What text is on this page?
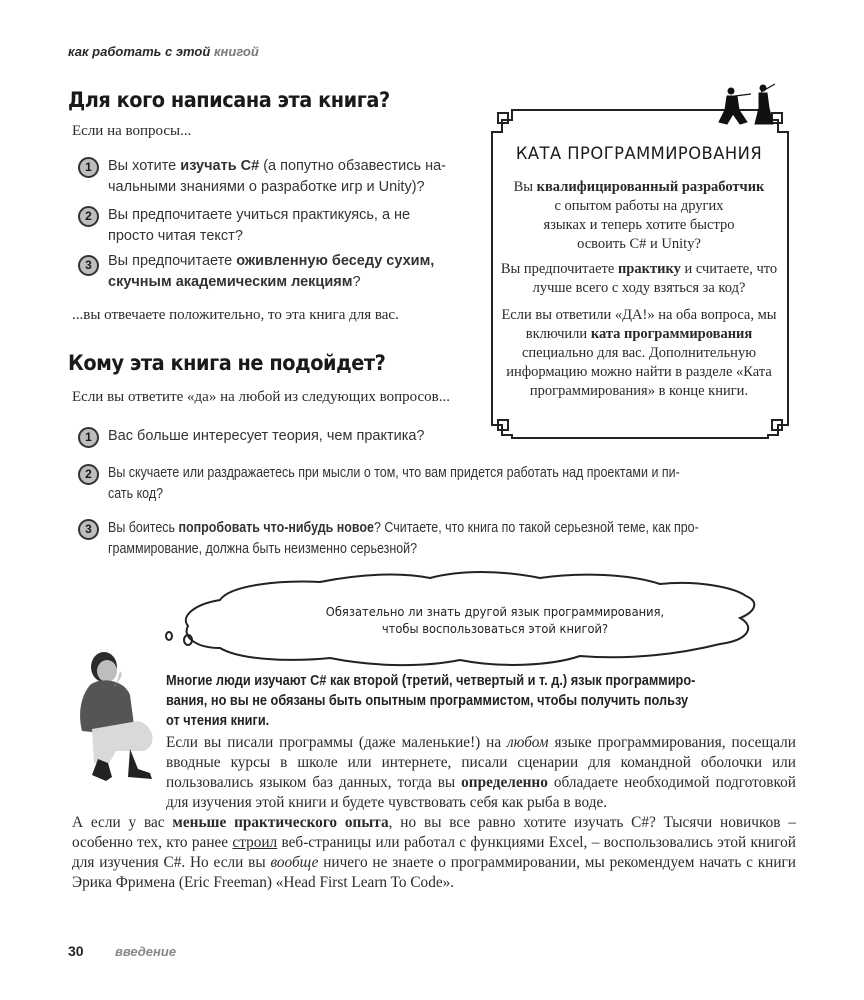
как работать с этой книгой
Для кого написана эта книга?
Если на вопросы...
1	Вы хотите изучать C# (а попутно обзавестись на-
чальными знаниями о разработке игр и Unity)?
2	Вы предпочитаете учиться практикуясь, а не
просто читая текст?
3	Вы предпочитаете оживленную беседу сухим,
скучным академическим лекциям?
...вы отвечаете положительно, то эта книга для вас.
Кому эта книга не подойдет?
Если вы ответите «да» на любой из следующих вопросов...
1	Вас больше интересует теория, чем практика?
2	Вы скучаете или раздражаетесь при мысли о том, что вам придется работать над проектами и пи-
сать код?
3	Вы боитесь попробовать что-нибудь новое? Считаете, что книга по такой серьезной теме, как про-
граммирование, должна быть неизменно серьезной?
КАТА ПРОГРАММИРОВАНИЯ
Вы квалифицированный разработчик
с опытом работы на других языках и теперь хотите быстро освоить C# и Unity?
Вы предпочитаете практику и считаете, что лучше всего с ходу взяться за код?
Если вы ответили «ДА!» на оба вопроса, мы включили ката программирования специально для вас. Дополнительную информацию можно найти в разделе «Ката программирования» в конце книги.
Обязательно ли знать другой язык программирования,
чтобы воспользоваться этой книгой?
Многие люди изучают C# как второй (третий, четвертый и т. д.) язык программиро-
вания, но вы не обязаны быть опытным программистом, чтобы получить пользу
от чтения книги.
Если вы писали программы (даже маленькие!) на любом языке программирования, посещали вводные курсы в школе или интернете, писали сценарии для командной оболочки или пользовались языком баз данных, тогда вы определенно обладаете необходимой подготовкой для изучения этой книги и будете чувствовать себя как рыба в воде.
А если у вас меньше практического опыта, но вы все равно хотите изучать C#? Тысячи новичков – особенно тех, кто ранее строил веб-страницы или работал с функциями Excel, – воспользовались этой книгой для изучения C#. Но если вы вообще ничего не знаете о программировании, мы рекомендуем начать с книги Эрика Фримена (Eric Freeman) «Head First Learn To Code».
30 введение
